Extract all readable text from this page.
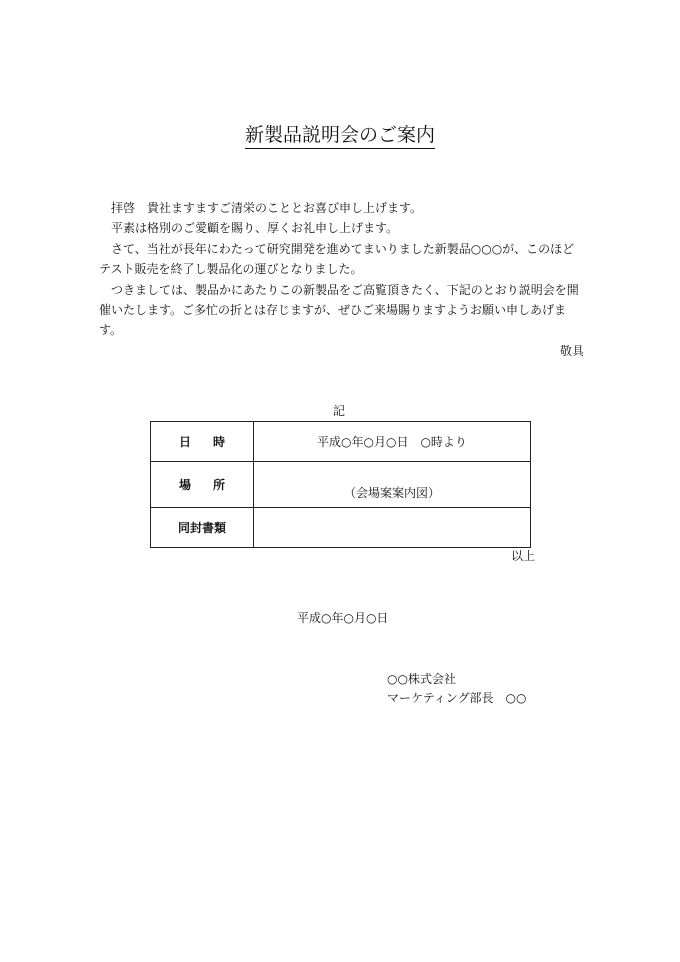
新製品説明会のご案内

拝啓　貴社ますますご清栄のこととお喜び申し上げます。

平素は格別のご愛顧を賜り、厚くお礼申し上げます。

さて、当社が長年にわたって研究開発を進めてまいりました新製品○○○が、このほどテスト販売を終了し製品化の運びとなりました。

つきましては、製品かにあたりこの新製品をご高覧頂きたく、下記のとおり説明会を開催いたします。ご多忙の折とは存じますが、ぜひご来場賜りますようお願い申しあげます。

敬具
記
日時	平成○年○月○日　○時より
場所	（会場案案内図）
同封書類	
以上
平成○年○月○日
○○株式会社
マーケティング部長　○○
